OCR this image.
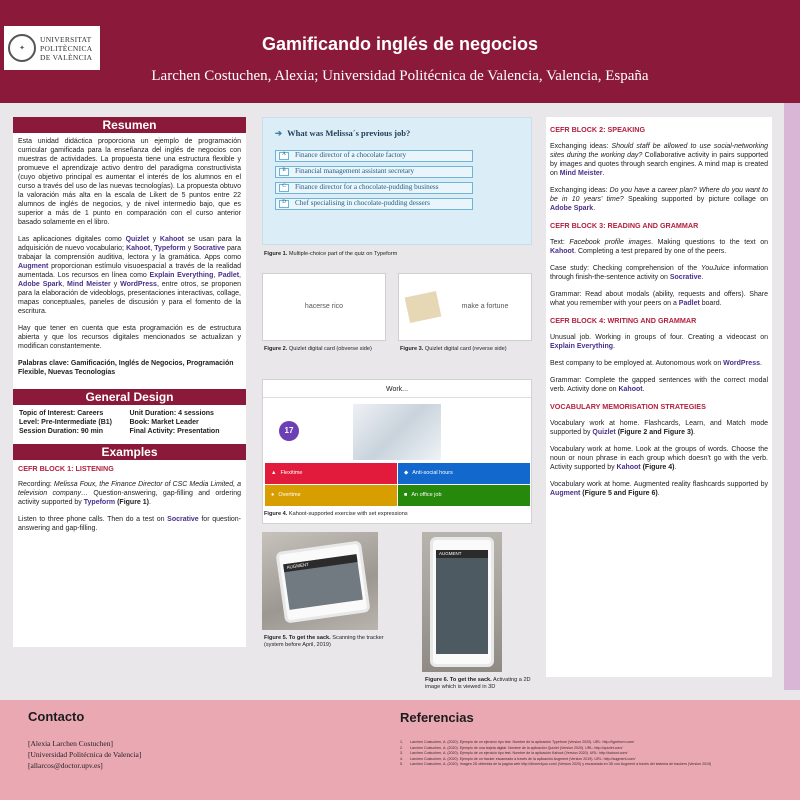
✦
UNIVERSITAT
POLITÈCNICA
DE VALÈNCIA
Gamificando inglés de negocios
Larchen Costuchen, Alexia; Universidad Politécnica de Valencia, Valencia, España
Resumen

Esta unidad didáctica proporciona un ejemplo de programación curricular gamificada para la enseñanza del inglés de negocios con muestras de actividades. La propuesta tiene una estructura flexible y promueve el aprendizaje activo dentro del paradigma constructivista (cuyo objetivo principal es aumentar el interés de los alumnos en el curso a través del uso de las nuevas tecnologías). La propuesta obtuvo la valoración más alta en la escala de Likert de 5 puntos entre 22 alumnos de inglés de negocios, y de nivel intermedio bajo, que es superior a más de 1 punto en comparación con el curso anterior basado solamente en el libro.

Las aplicaciones digitales como Quizlet y Kahoot se usan para la adquisición de nuevo vocabulario; Kahoot, Typeform y Socrative para trabajar la comprensión auditiva, lectora y la gramática. Apps como Augment proporcionan estímulo visuoespacial a través de la realidad aumentada. Los recursos en línea como Explain Everything, Padlet, Adobe Spark, Mind Meister y WordPress, entre otros, se proponen para la elaboración de videoblogs, presentaciones interactivas, collage, mapas conceptuales, paneles de discusión y para el fomento de la escritura.

Hay que tener en cuenta que esta programación es de estructura abierta y que los recursos digitales mencionados se actualizan y modifican constantemente.

Palabras clave: Gamificación, Inglés de Negocios, Programación Flexible, Nuevas Tecnologías

General Design
Topic of Interest: Careers	Unit Duration: 4 sessions
Level: Pre-Intermediate (B1)	Book: Market Leader
Session Duration: 90 min	Final Activity: Presentation
Examples
CEFR BLOCK 1: LISTENING

Recording: Melissa Foux, the Finance Director of CSC Media Limited, a television company… Question-answering, gap-filling and ordering activity supported by Typeform (Figure 1).

Listen to three phone calls. Then do a test on Socrative for question-answering and gap-filling.

➔ What was Melissa´s previous job?
A	Finance director of a chocolate factory
B	Financial management assistant secretary
C	Finance director for a chocolate-pudding business
D	Chef specialising in chocolate-pudding dessers
Figure 1. Multiple-choice part of the quiz on Typeform
hacerse rico
Figure 2. Quizlet digital card (obverse side)
make a fortune
Figure 3. Quizlet digital card (reverse side)
Work...
17
▲ Flexitime	◆ Anti-social hours
● Overtime	■ An office job
Figure 4. Kahoot-supported exercise with set expressions
AUGMENT
Figure 5. To get the sack. Scanning the tracker (system before April, 2019)
AUGMENT
Figure 6. To get the sack. Activating a 2D image which is viewed in 3D
CEFR BLOCK 2: SPEAKING

Exchanging ideas: Should staff be allowed to use social-networking sites during the working day? Collaborative activity in pairs supported by images and quotes through search engines. A mind map is created on Mind Meister.

Exchanging ideas: Do you have a career plan? Where do you want to be in 10 years' time? Speaking supported by picture collage on Adobe Spark.

CEFR BLOCK 3: READING AND GRAMMAR

Text: Facebook profile images. Making questions to the text on Kahoot. Completing a test prepared by one of the peers.

Case study: Checking comprehension of the YouJuice information through finish-the-sentence activity on Socrative.

Grammar: Read about modals (ability, requests and offers). Share what you remember with your peers on a Padlet board.

CEFR BLOCK 4: WRITING AND GRAMMAR

Unusual job. Working in groups of four. Creating a videocast on Explain Everything.

Best company to be employed at. Autonomous work on WordPress.

Grammar: Complete the gapped sentences with the correct modal verb. Activity done on Kahoot.

VOCABULARY MEMORISATION STRATEGIES

Vocabulary work at home. Flashcards, Learn, and Match mode supported by Quizlet (Figure 2 and Figure 3).

Vocabulary work at home. Look at the groups of words. Choose the noun or noun phrase in each group which doesn't go with the verb. Activity supported by Kahoot (Figure 4).

Vocabulary work at home. Augmented reality flashcards supported by Augment (Figure 5 and Figure 6).

Contacto
[Alexia Larchen Costuchen]
[Universidad Politécnica de Valencia]
[allarcos@doctor.upv.es]
Referencias
1. Larchen Costuchen, A. (2020). Ejemplo de un ejercicio tipo test. Nombre de la aplicación Typeform (Version 2020). URL: http://typeform.com/
2. Larchen Costuchen, A. (2020). Ejemplo de una tarjeta digital. Nombre de la aplicación Quizlet (Version 2020). URL: http://quizlet.com/
3. Larchen Costuchen, A. (2020). Ejemplo de un ejercicio tipo test. Nombre de la aplicación Kahoot (Version 2020). URL: http://kahoot.com/
4. Larchen Costuchen, A. (2020). Ejemplo de un tracker escaneado a través de la aplicación Augment (Version 2019). URL: http://augment.com/
5. Larchen Costuchen, A. (2020). Imagen 2D obtenida de la pagina web http://dinner4you.com/ (Version 2020) y escaneada en 3D con Augment a través del sistema de trackers (Version 2019)
